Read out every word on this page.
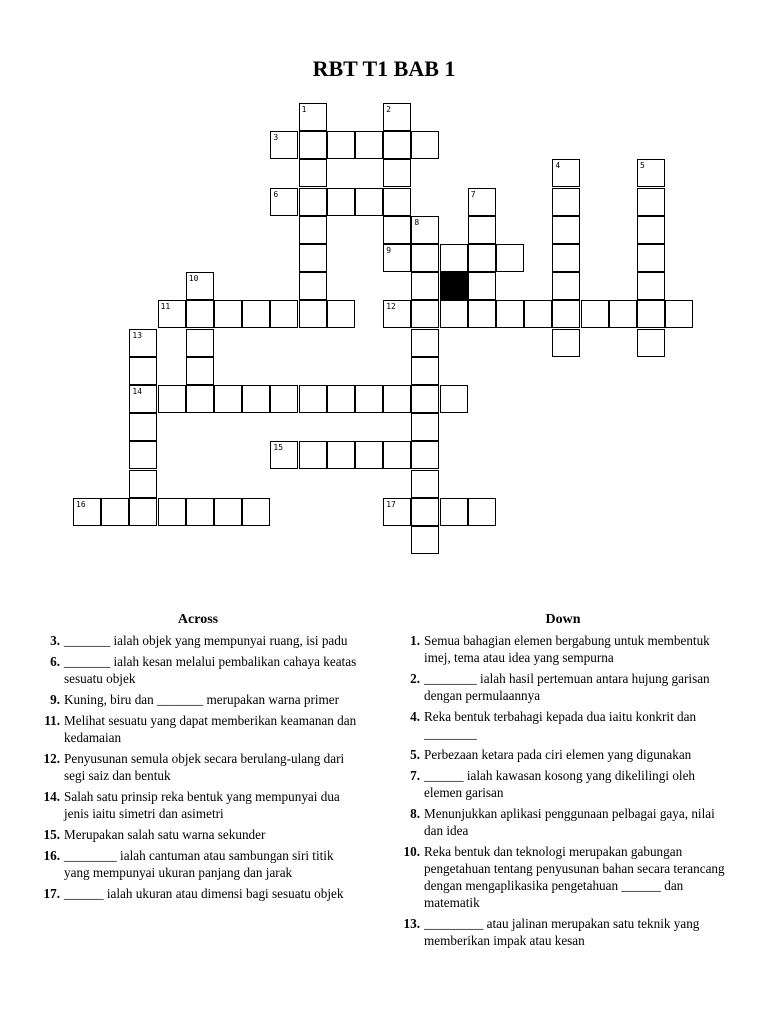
RBT T1 BAB 1
1	2
3
4	5
6	7
8
9
10
11	12
13
14
15
16	17
Across
3. _______ ialah objek yang mempunyai ruang, isi padu
6. _______ ialah kesan melalui pembalikan cahaya keatas sesuatu objek
9. Kuning, biru dan _______ merupakan warna primer
11. Melihat sesuatu yang dapat memberikan keamanan dan kedamaian
12. Penyusunan semula objek secara berulang-ulang dari segi saiz dan bentuk
14. Salah satu prinsip reka bentuk yang mempunyai dua jenis iaitu simetri dan asimetri
15. Merupakan salah satu warna sekunder
16. ________ ialah cantuman atau sambungan siri titik yang mempunyai ukuran panjang dan jarak
17. ______ ialah ukuran atau dimensi bagi sesuatu objek
Down
1. Semua bahagian elemen bergabung untuk membentuk imej, tema atau idea yang sempurna
2. ________ ialah hasil pertemuan antara hujung garisan dengan permulaannya
4. Reka bentuk terbahagi kepada dua iaitu konkrit dan ________
5. Perbezaan ketara pada ciri elemen yang digunakan
7. ______ ialah kawasan kosong yang dikelilingi oleh elemen garisan
8. Menunjukkan aplikasi penggunaan pelbagai gaya, nilai dan idea
10. Reka bentuk dan teknologi merupakan gabungan pengetahuan tentang penyusunan bahan secara terancang dengan mengaplikasika pengetahuan ______ dan matematik
13. _________ atau jalinan merupakan satu teknik yang memberikan impak atau kesan
